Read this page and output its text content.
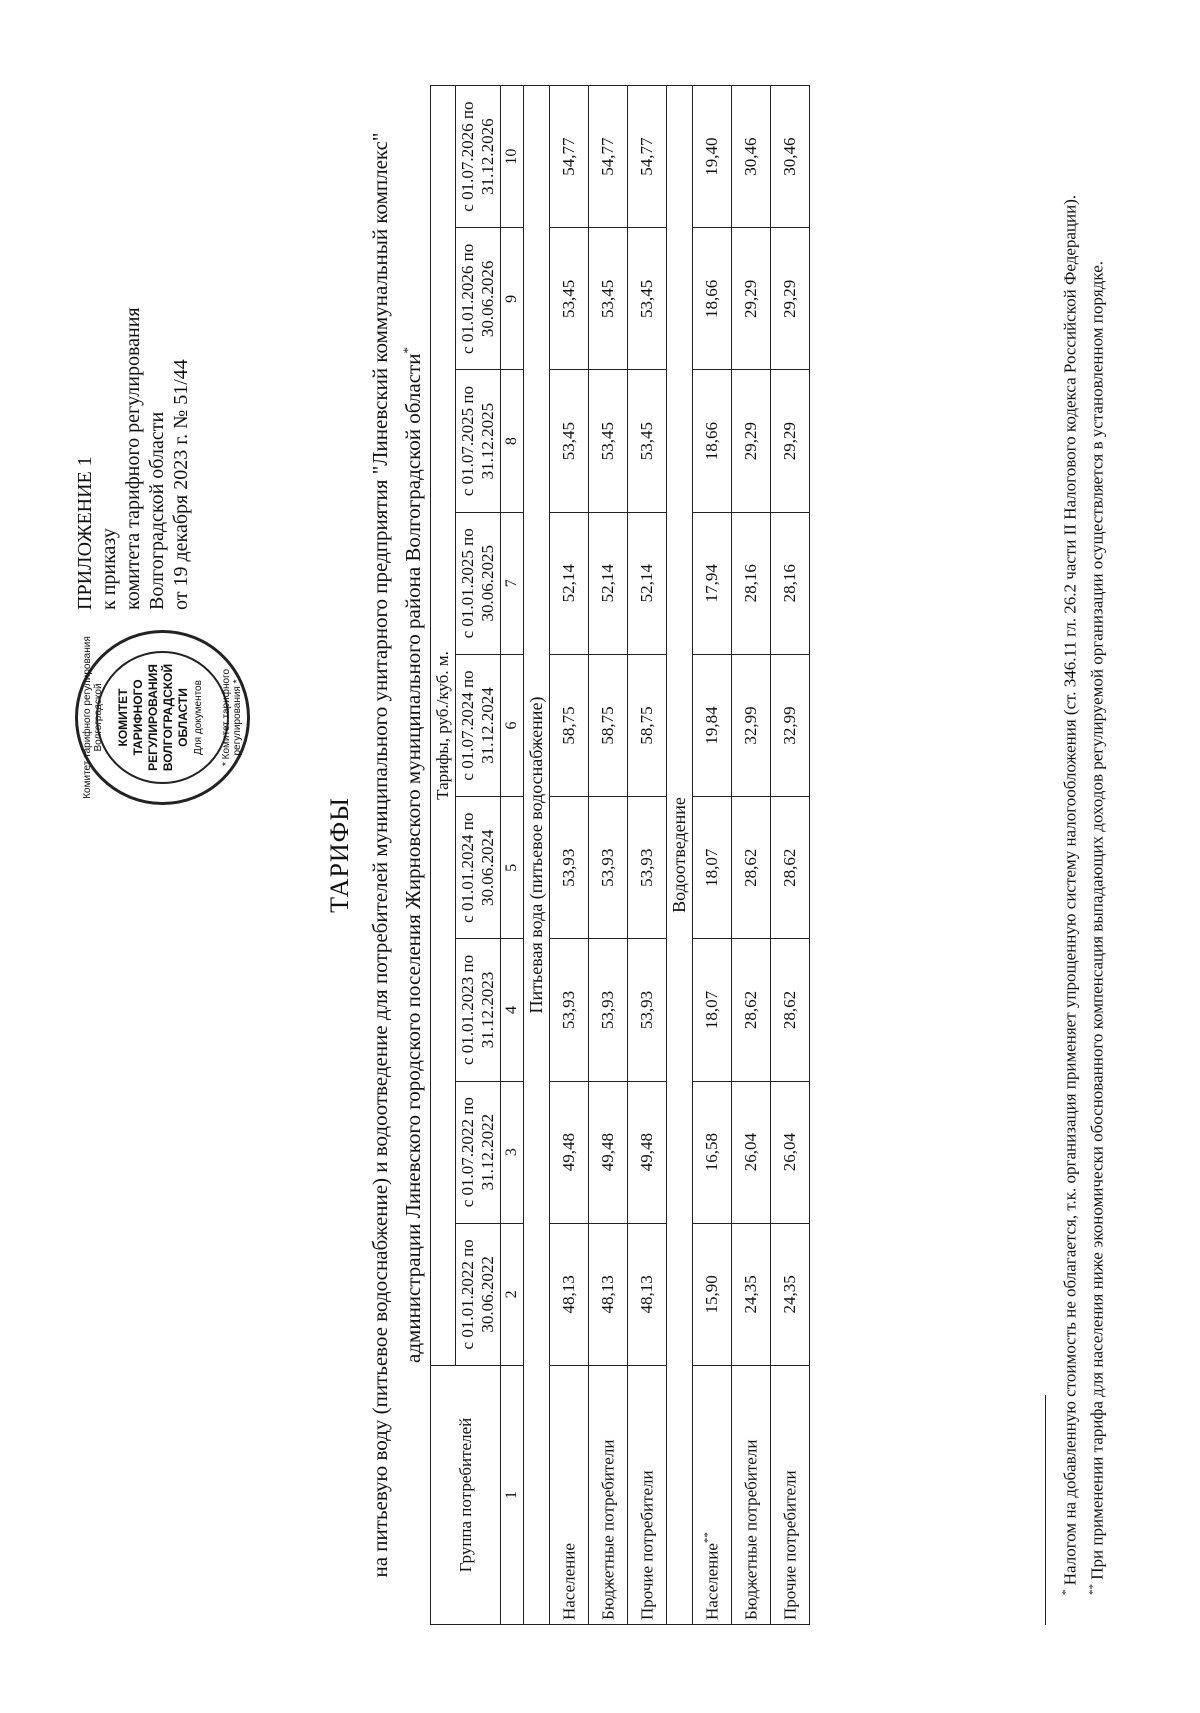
ПРИЛОЖЕНИЕ 1 к приказу комитета тарифного регулирования Волгоградской области от 19 декабря 2023 г. № 51/44
Комитет тарифного регулирования Волгоградской КОМИТЕТ ТАРИФНОГО РЕГУЛИРОВАНИЯ ВОЛГОГРАДСКОЙ ОБЛАСТИ Для документов * Комитет тарифного регулирования *
ТАРИФЫ на питьевую воду (питьевое водоснабжение) и водоотведение для потребителей муниципального унитарного предприятия "Линевский коммунальный комплекс" администрации Линевского городского поселения Жирновского муниципального района Волгоградской области*
Группа потребителей	Тарифы, руб./куб. м.								
	с 01.01.2022 по 30.06.2022	с 01.07.2022 по 31.12.2022	с 01.01.2023 по 31.12.2023	с 01.01.2024 по 30.06.2024	с 01.07.2024 по 31.12.2024	с 01.01.2025 по 30.06.2025	с 01.07.2025 по 31.12.2025	с 01.01.2026 по 30.06.2026	с 01.07.2026 по 31.12.2026
1	2	3	4	5	6	7	8	9	10
Питьевая вода (питьевое водоснабжение)									
Население	48,13	49,48	53,93	53,93	58,75	52,14	53,45	53,45	54,77
Бюджетные потребители	48,13	49,48	53,93	53,93	58,75	52,14	53,45	53,45	54,77
Прочие потребители	48,13	49,48	53,93	53,93	58,75	52,14	53,45	53,45	54,77
Водоотведение									
Население**	15,90	16,58	18,07	18,07	19,84	17,94	18,66	18,66	19,40
Бюджетные потребители	24,35	26,04	28,62	28,62	32,99	28,16	29,29	29,29	30,46
Прочие потребители	24,35	26,04	28,62	28,62	32,99	28,16	29,29	29,29	30,46

* Налогом на добавленную стоимость не облагается, т.к. организация применяет упрощенную систему налогообложения (ст. 346.11 гл. 26.2 части II Налогового кодекса Российской Федерации).

** При применении тарифа для населения ниже экономически обоснованного компенсация выпадающих доходов регулируемой организации осуществляется в установленном порядке.
